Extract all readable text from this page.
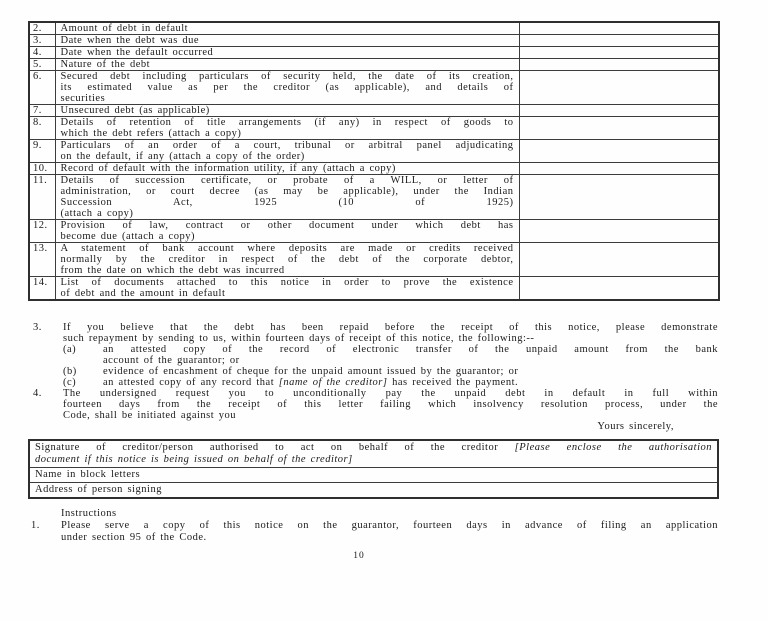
2.	Amount of debt in default	

3.	Date when the debt was due	

4.	Date when the default occurred	

5.	Nature of the debt	

6.	Secured debt including particulars of security held, the date of its creation,
its estimated value as per the creditor (as applicable), and details of
securities	

7.	Unsecured debt (as applicable)	

8.	Details of retention of title arrangements (if any) in respect of goods to
which the debt refers (attach a copy)	

9.	Particulars of an order of a court, tribunal or arbitral panel adjudicating
on the default, if any (attach a copy of the order)	

10.	Record of default with the information utility, if any (attach a copy)	

11.	Details of succession certificate, or probate of a WILL, or letter of
administration, or court decree (as may be applicable), under the Indian
Succession Act, 1925 (10 of 1925)
(attach a copy)	

12.	Provision of law, contract or other document under which debt has
become due (attach a copy)	

13.	A statement of bank account where deposits are made or credits received
normally by the creditor in respect of the debt of the corporate debtor,
from the date on which the debt was incurred	

14.	List of documents attached to this notice in order to prove the existence
of debt and the amount in default	

3.	If you believe that the debt has been repaid before the receipt of this notice, please demonstrate
such repayment by sending to us, within fourteen days of receipt of this notice, the following:--
(a)	an attested copy of the record of electronic transfer of the unpaid amount from the bank
account of the guarantor; or
(b)	evidence of encashment of cheque for the unpaid amount issued by the guarantor; or
(c)	an attested copy of any record that [name of the creditor] has received the payment.
4.	The undersigned request you to unconditionally pay the unpaid debt in default in full within
fourteen days from the receipt of this letter failing which insolvency resolution process, under the
Code, shall be initiated against you
Yours sincerely,
Signature of creditor/person authorised to act on behalf of the creditor [Please enclose the authorisation
document if this notice is being issued on behalf of the creditor]

Name in block letters
Address of person signing
Instructions
1.	Please serve a copy of this notice on the guarantor, fourteen days in advance of filing an application
under section 95 of the Code.
10
